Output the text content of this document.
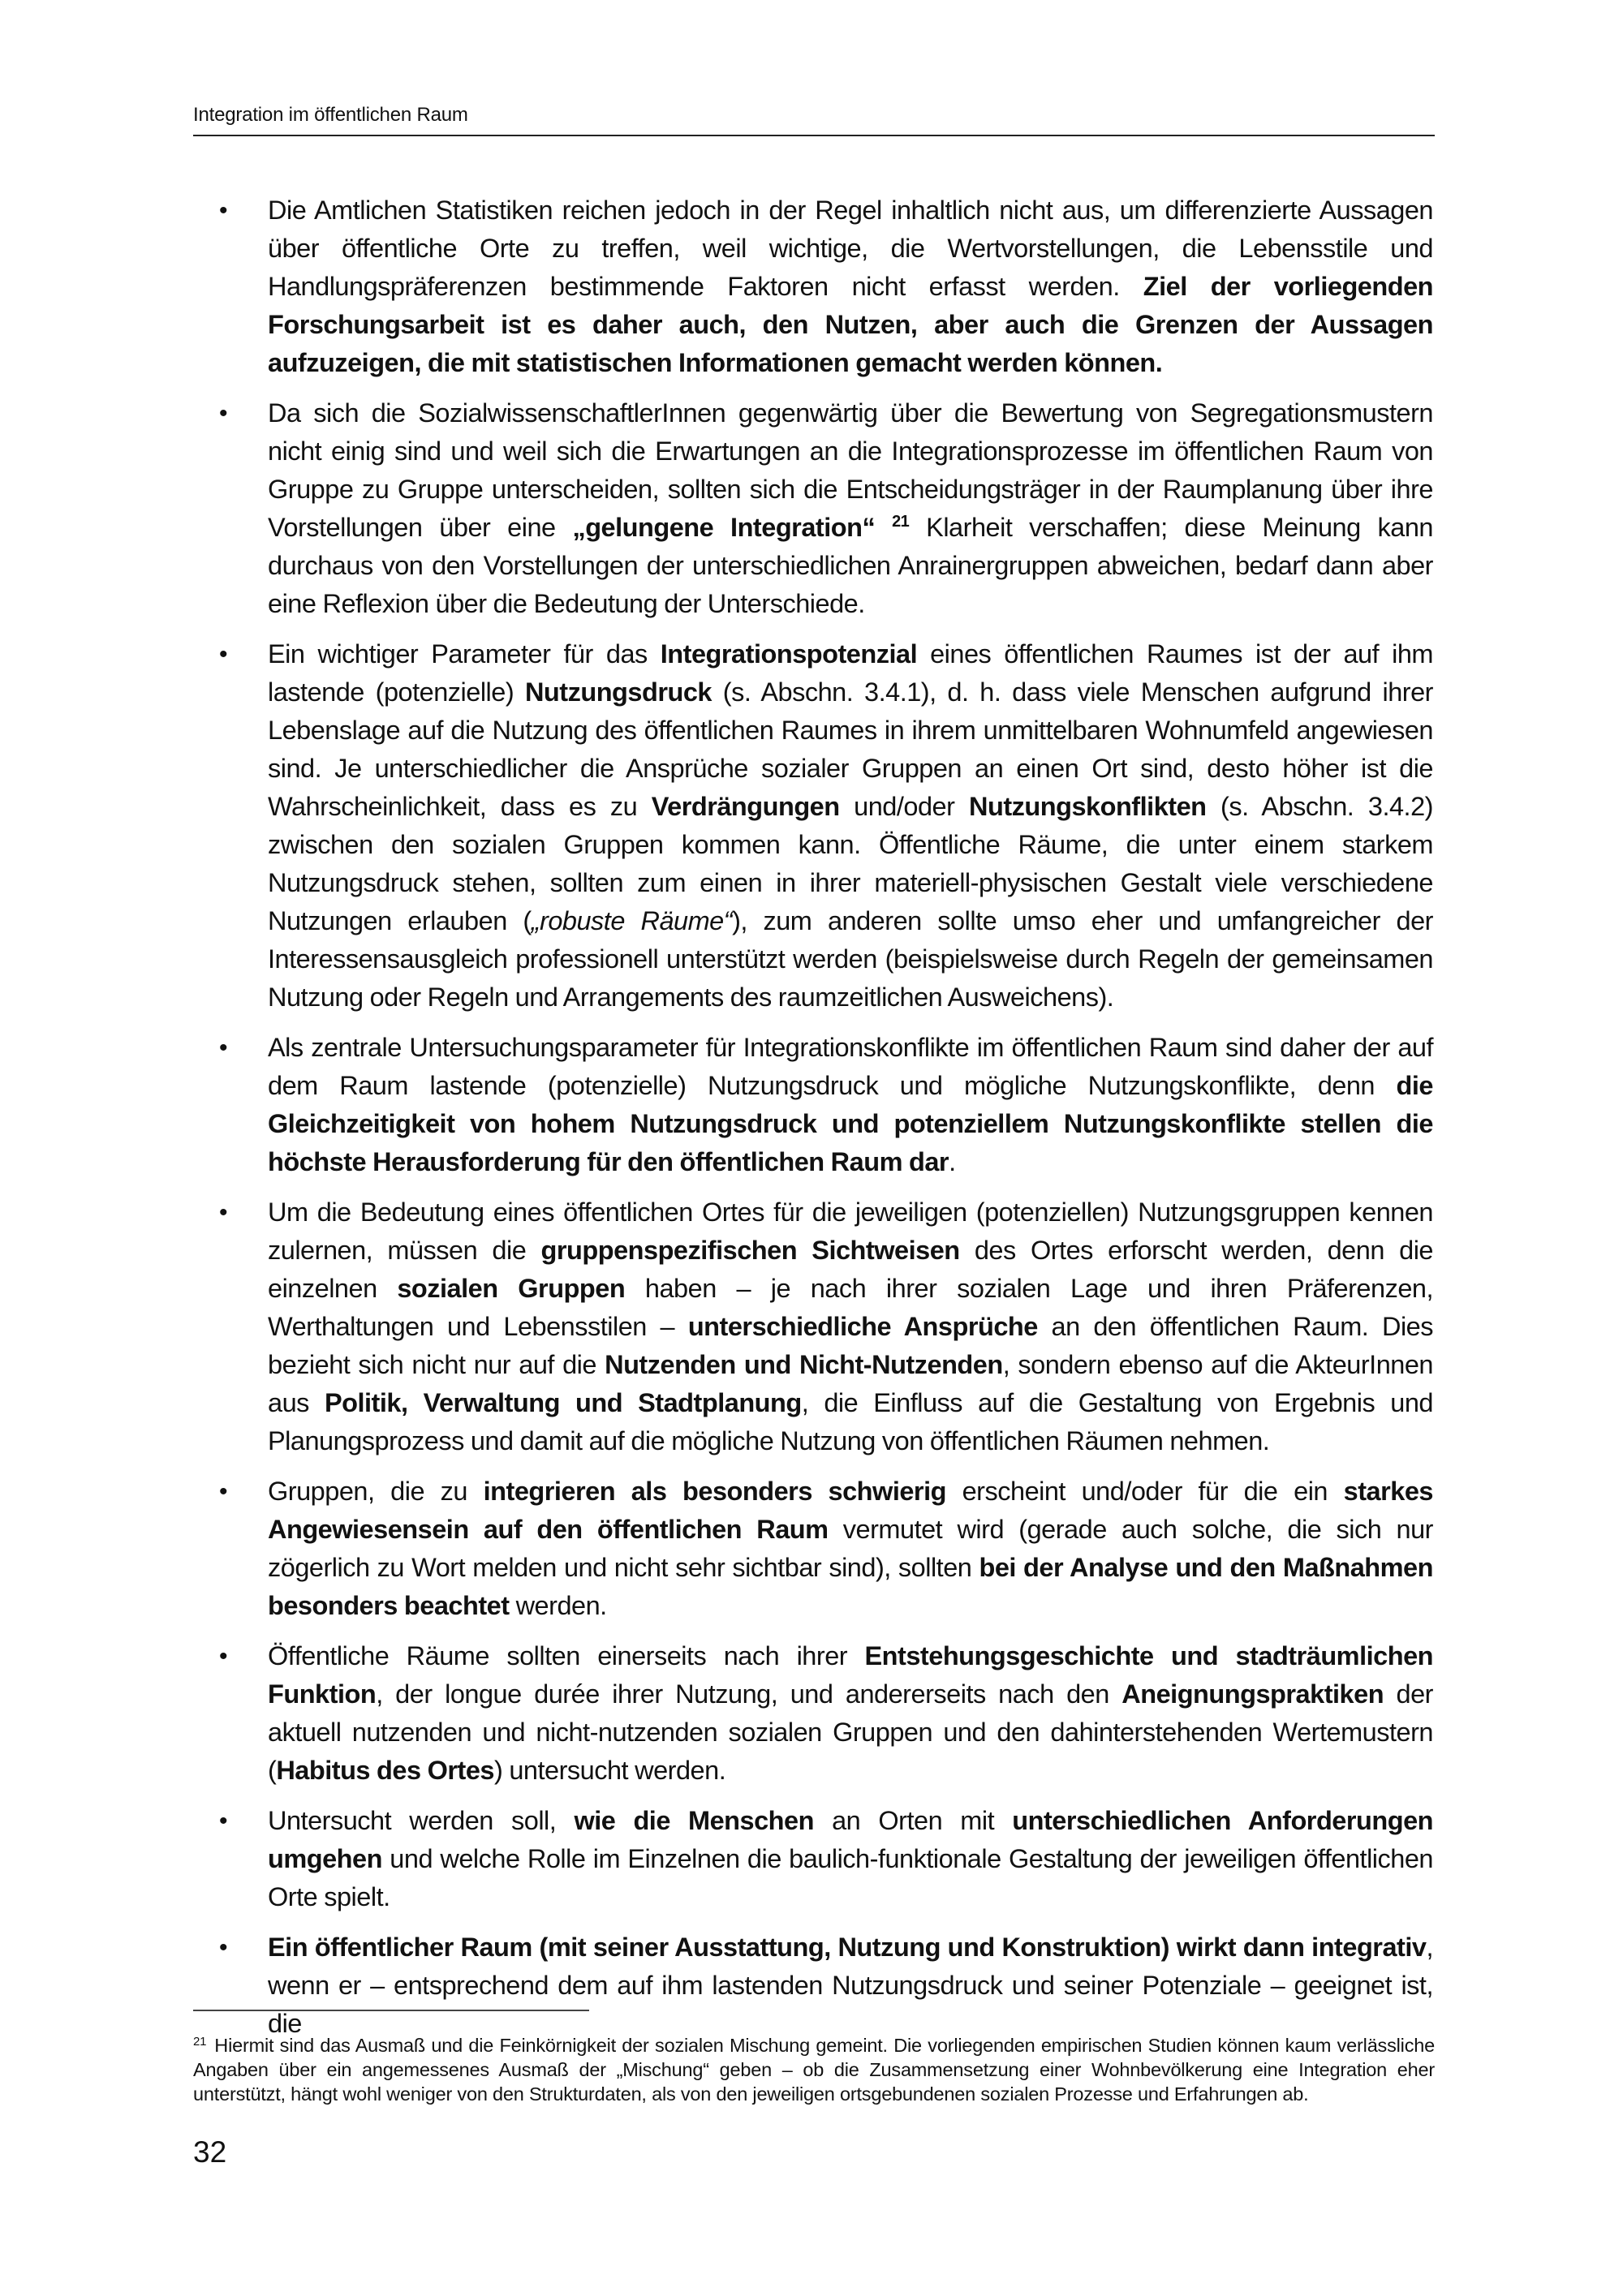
Integration im öffentlichen Raum
• Die Amtlichen Statistiken reichen jedoch in der Regel inhaltlich nicht aus, um differenzierte Aussagen über öffentliche Orte zu treffen, weil wichtige, die Wertvorstellungen, die Lebensstile und Handlungspräferenzen bestimmende Faktoren nicht erfasst werden. Ziel der vorliegenden Forschungsarbeit ist es daher auch, den Nutzen, aber auch die Grenzen der Aussagen aufzuzeigen, die mit statistischen Informationen gemacht werden können.
• Da sich die SozialwissenschaftlerInnen gegenwärtig über die Bewertung von Segregationsmustern nicht einig sind und weil sich die Erwartungen an die Integrationsprozesse im öffentlichen Raum von Gruppe zu Gruppe unterscheiden, sollten sich die Entscheidungsträger in der Raumplanung über ihre Vorstellungen über eine „gelungene Integration“ $^{21}$ Klarheit verschaffen; diese Meinung kann durchaus von den Vorstellungen der unterschiedlichen Anrainergruppen abweichen, bedarf dann aber eine Reflexion über die Bedeutung der Unterschiede.
• Ein wichtiger Parameter für das Integrationspotenzial eines öffentlichen Raumes ist der auf ihm lastende (potenzielle) Nutzungsdruck (s. Abschn. 3.4.1), d. h. dass viele Menschen aufgrund ihrer Lebenslage auf die Nutzung des öffentlichen Raumes in ihrem unmittelbaren Wohnumfeld angewiesen sind. Je unterschiedlicher die Ansprüche sozialer Gruppen an einen Ort sind, desto höher ist die Wahrscheinlichkeit, dass es zu Verdrängungen und/oder Nutzungskonflikten (s. Abschn. 3.4.2) zwischen den sozialen Gruppen kommen kann. Öffentliche Räume, die unter einem starkem Nutzungsdruck stehen, sollten zum einen in ihrer materiell-physischen Gestalt viele verschiedene Nutzungen erlauben („robuste Räume“), zum anderen sollte umso eher und umfangreicher der Interessensausgleich professionell unterstützt werden (beispielsweise durch Regeln der gemeinsamen Nutzung oder Regeln und Arrangements des raumzeitlichen Ausweichens).
• Als zentrale Untersuchungsparameter für Integrationskonflikte im öffentlichen Raum sind daher der auf dem Raum lastende (potenzielle) Nutzungsdruck und mögliche Nutzungskonflikte, denn die Gleichzeitigkeit von hohem Nutzungsdruck und potenziellem Nutzungskonflikte stellen die höchste Herausforderung für den öffentlichen Raum dar.
• Um die Bedeutung eines öffentlichen Ortes für die jeweiligen (potenziellen) Nutzungsgruppen kennen zulernen, müssen die gruppenspezifischen Sichtweisen des Ortes erforscht werden, denn die einzelnen sozialen Gruppen haben – je nach ihrer sozialen Lage und ihren Präferenzen, Werthaltungen und Lebensstilen – unterschiedliche Ansprüche an den öffentlichen Raum. Dies bezieht sich nicht nur auf die Nutzenden und Nicht-Nutzenden, sondern ebenso auf die AkteurInnen aus Politik, Verwaltung und Stadtplanung, die Einfluss auf die Gestaltung von Ergebnis und Planungsprozess und damit auf die mögliche Nutzung von öffentlichen Räumen nehmen.
• Gruppen, die zu integrieren als besonders schwierig erscheint und/oder für die ein starkes Angewiesensein auf den öffentlichen Raum vermutet wird (gerade auch solche, die sich nur zögerlich zu Wort melden und nicht sehr sichtbar sind), sollten bei der Analyse und den Maßnahmen besonders beachtet werden.
• Öffentliche Räume sollten einerseits nach ihrer Entstehungsgeschichte und stadträumlichen Funktion, der longue durée ihrer Nutzung, und andererseits nach den Aneignungspraktiken der aktuell nutzenden und nicht-nutzenden sozialen Gruppen und den dahinterstehenden Wertemustern (Habitus des Ortes) untersucht werden.
• Untersucht werden soll, wie die Menschen an Orten mit unterschiedlichen Anforderungen umgehen und welche Rolle im Einzelnen die baulich-funktionale Gestaltung der jeweiligen öffentlichen Orte spielt.
• Ein öffentlicher Raum (mit seiner Ausstattung, Nutzung und Konstruktion) wirkt dann integrativ, wenn er – entsprechend dem auf ihm lastenden Nutzungsdruck und seiner Potenziale – geeignet ist, die
$^{21}$ Hiermit sind das Ausmaß und die Feinkörnigkeit der sozialen Mischung gemeint. Die vorliegenden empirischen Studien können kaum verlässliche Angaben über ein angemessenes Ausmaß der „Mischung“ geben – ob die Zusammensetzung einer Wohnbevölkerung eine Integration eher unterstützt, hängt wohl weniger von den Strukturdaten, als von den jeweiligen ortsgebundenen sozialen Prozesse und Erfahrungen ab.
32
